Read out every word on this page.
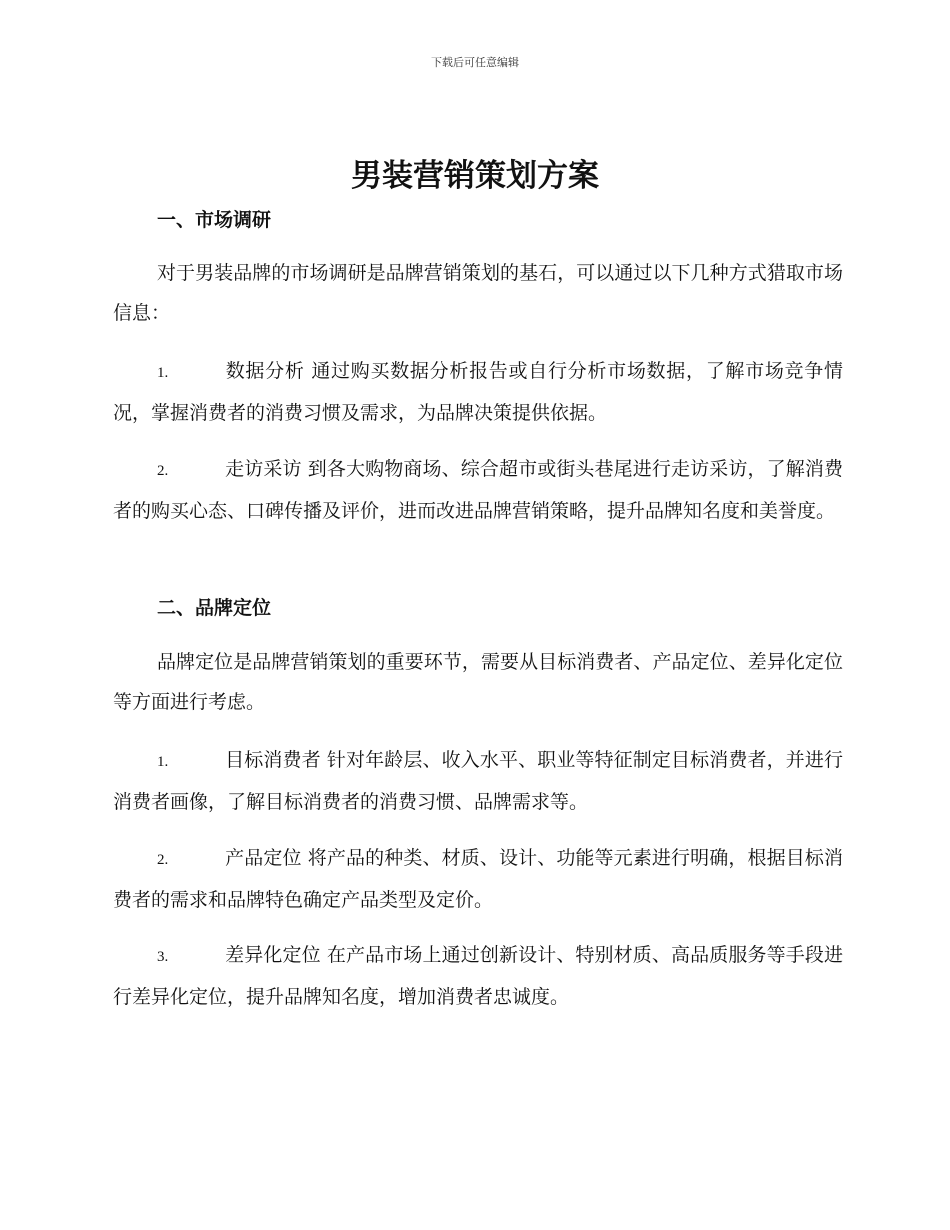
下载后可任意编辑
男装营销策划方案
一、市场调研

对于男装品牌的市场调研是品牌营销策划的基石，可以通过以下几种方式猎取市场信息：

1.	数据分析 通过购买数据分析报告或自行分析市场数据，了解市场竞争情况，掌握消费者的消费习惯及需求，为品牌决策提供依据。

2.	走访采访 到各大购物商场、综合超市或街头巷尾进行走访采访，了解消费者的购买心态、口碑传播及评价，进而改进品牌营销策略，提升品牌知名度和美誉度。

二、品牌定位

品牌定位是品牌营销策划的重要环节，需要从目标消费者、产品定位、差异化定位等方面进行考虑。

1.	目标消费者 针对年龄层、收入水平、职业等特征制定目标消费者，并进行消费者画像，了解目标消费者的消费习惯、品牌需求等。

2.	产品定位 将产品的种类、材质、设计、功能等元素进行明确，根据目标消费者的需求和品牌特色确定产品类型及定价。

3.	差异化定位 在产品市场上通过创新设计、特别材质、高品质服务等手段进行差异化定位，提升品牌知名度，增加消费者忠诚度。
